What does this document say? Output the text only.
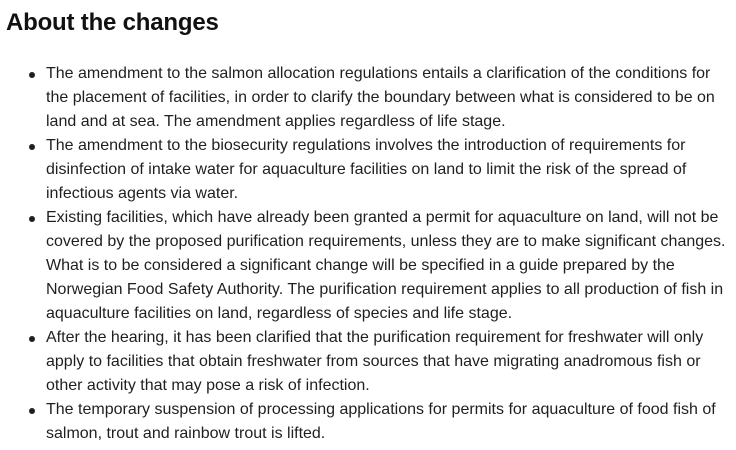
About the changes
The amendment to the salmon allocation regulations entails a clarification of the conditions for the placement of facilities, in order to clarify the boundary between what is considered to be on land and at sea. The amendment applies regardless of life stage.
The amendment to the biosecurity regulations involves the introduction of requirements for disinfection of intake water for aquaculture facilities on land to limit the risk of the spread of infectious agents via water.
Existing facilities, which have already been granted a permit for aquaculture on land, will not be covered by the proposed purification requirements, unless they are to make significant changes. What is to be considered a significant change will be specified in a guide prepared by the Norwegian Food Safety Authority. The purification requirement applies to all production of fish in aquaculture facilities on land, regardless of species and life stage.
After the hearing, it has been clarified that the purification requirement for freshwater will only apply to facilities that obtain freshwater from sources that have migrating anadromous fish or other activity that may pose a risk of infection.
The temporary suspension of processing applications for permits for aquaculture of food fish of salmon, trout and rainbow trout is lifted.
